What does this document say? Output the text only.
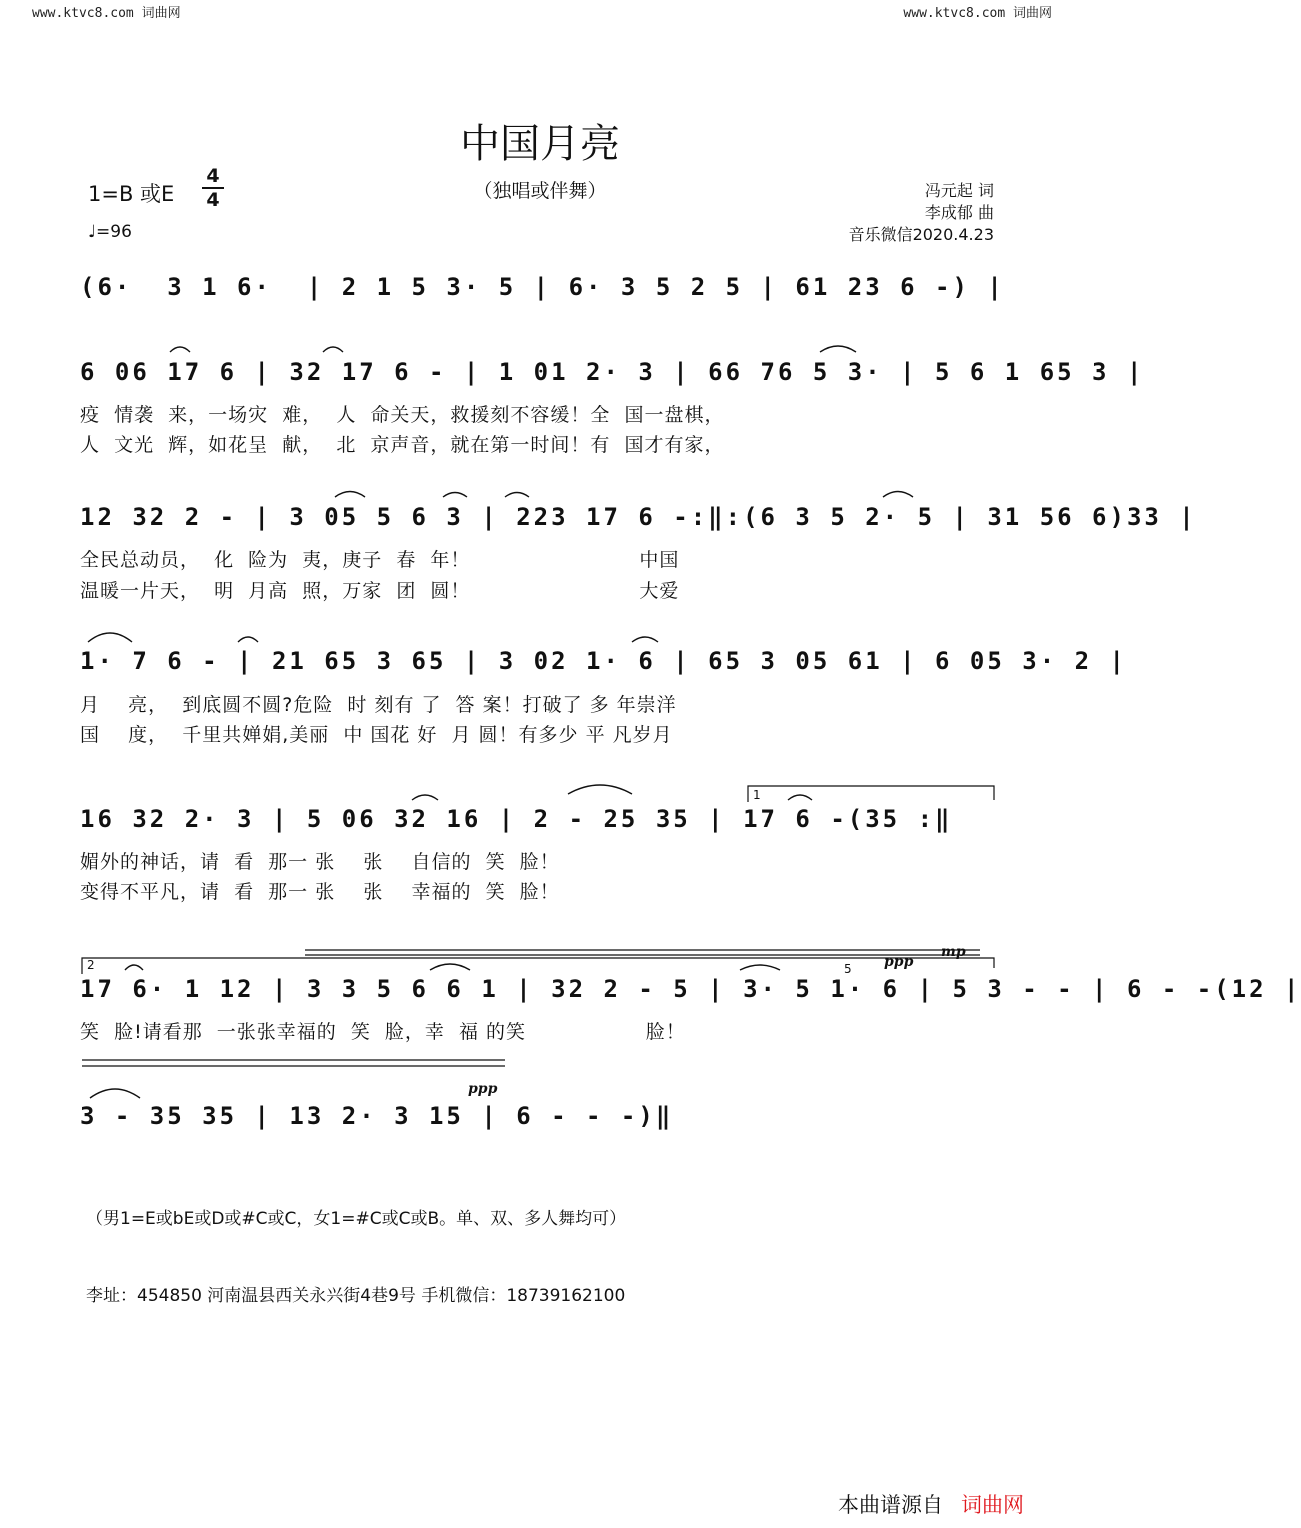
www.ktvc8.com 词曲网	www.ktvc8.com 词曲网
中国月亮
（独唱或伴舞）
1=B 或E
4
4
♩=96
冯元起 词
李成郁 曲
音乐微信2020.4.23
(6·  3 1 6·  | 2 1 5 3· 5 | 6· 3 5 2 5 | 61 23 6 -) |
6 06 17 6 | 32 17 6 - | 1 01 2· 3 | 66 76 5 3· | 5 6 1 65 3 |
疫  情袭  来，一场灾  难，  人  命关天，救援刻不容缓！全  国一盘棋，
人  文光  辉，如花呈  献，  北  京声音，就在第一时间！有  国才有家，
12 32 2 - | 3 05 5 6 3 | 223 17 6 -:‖:(6 3 5 2· 5 | 31 56 6)33 |
全民总动员，  化  险为  夷，庚子  春  年！                        中国
温暖一片天，  明  月高  照，万家  团  圆！                        大爱
1· 7 6 - | 21 65 3 65 | 3 02 1· 6 | 65 3 05 61 | 6 05 3· 2 |
月    亮，  到底圆不圆?危险  时 刻有 了  答 案！打破了 多 年崇洋
国    度，  千里共婵娟,美丽  中 国花 好  月 圆！有多少 平 凡岁月
16 32 2· 3 | 5 06 32 16 | 2 - 25 35 | 17 6 -(35 :‖
媚外的神话，请  看  那一 张    张    自信的  笑  脸！
变得不平凡，请  看  那一 张    张    幸福的  笑  脸！
17 6· 1 12 | 3 3 5 6 6 1 | 32 2 - 5 | 3· 5 1· 6 | 5 3 - - | 6 - -(12 |
笑  脸!请看那  一张张幸福的  笑  脸，幸  福 的笑                 脸！
3 - 35 35 | 13 2· 3 15 | 6 - - -)‖
ppp
mp
ppp
1
2	5
（男1=E或bE或D或#C或C，女1=#C或C或B。单、双、多人舞均可）
李址：454850 河南温县西关永兴街4巷9号 手机微信：18739162100
本曲谱源自 词曲网
